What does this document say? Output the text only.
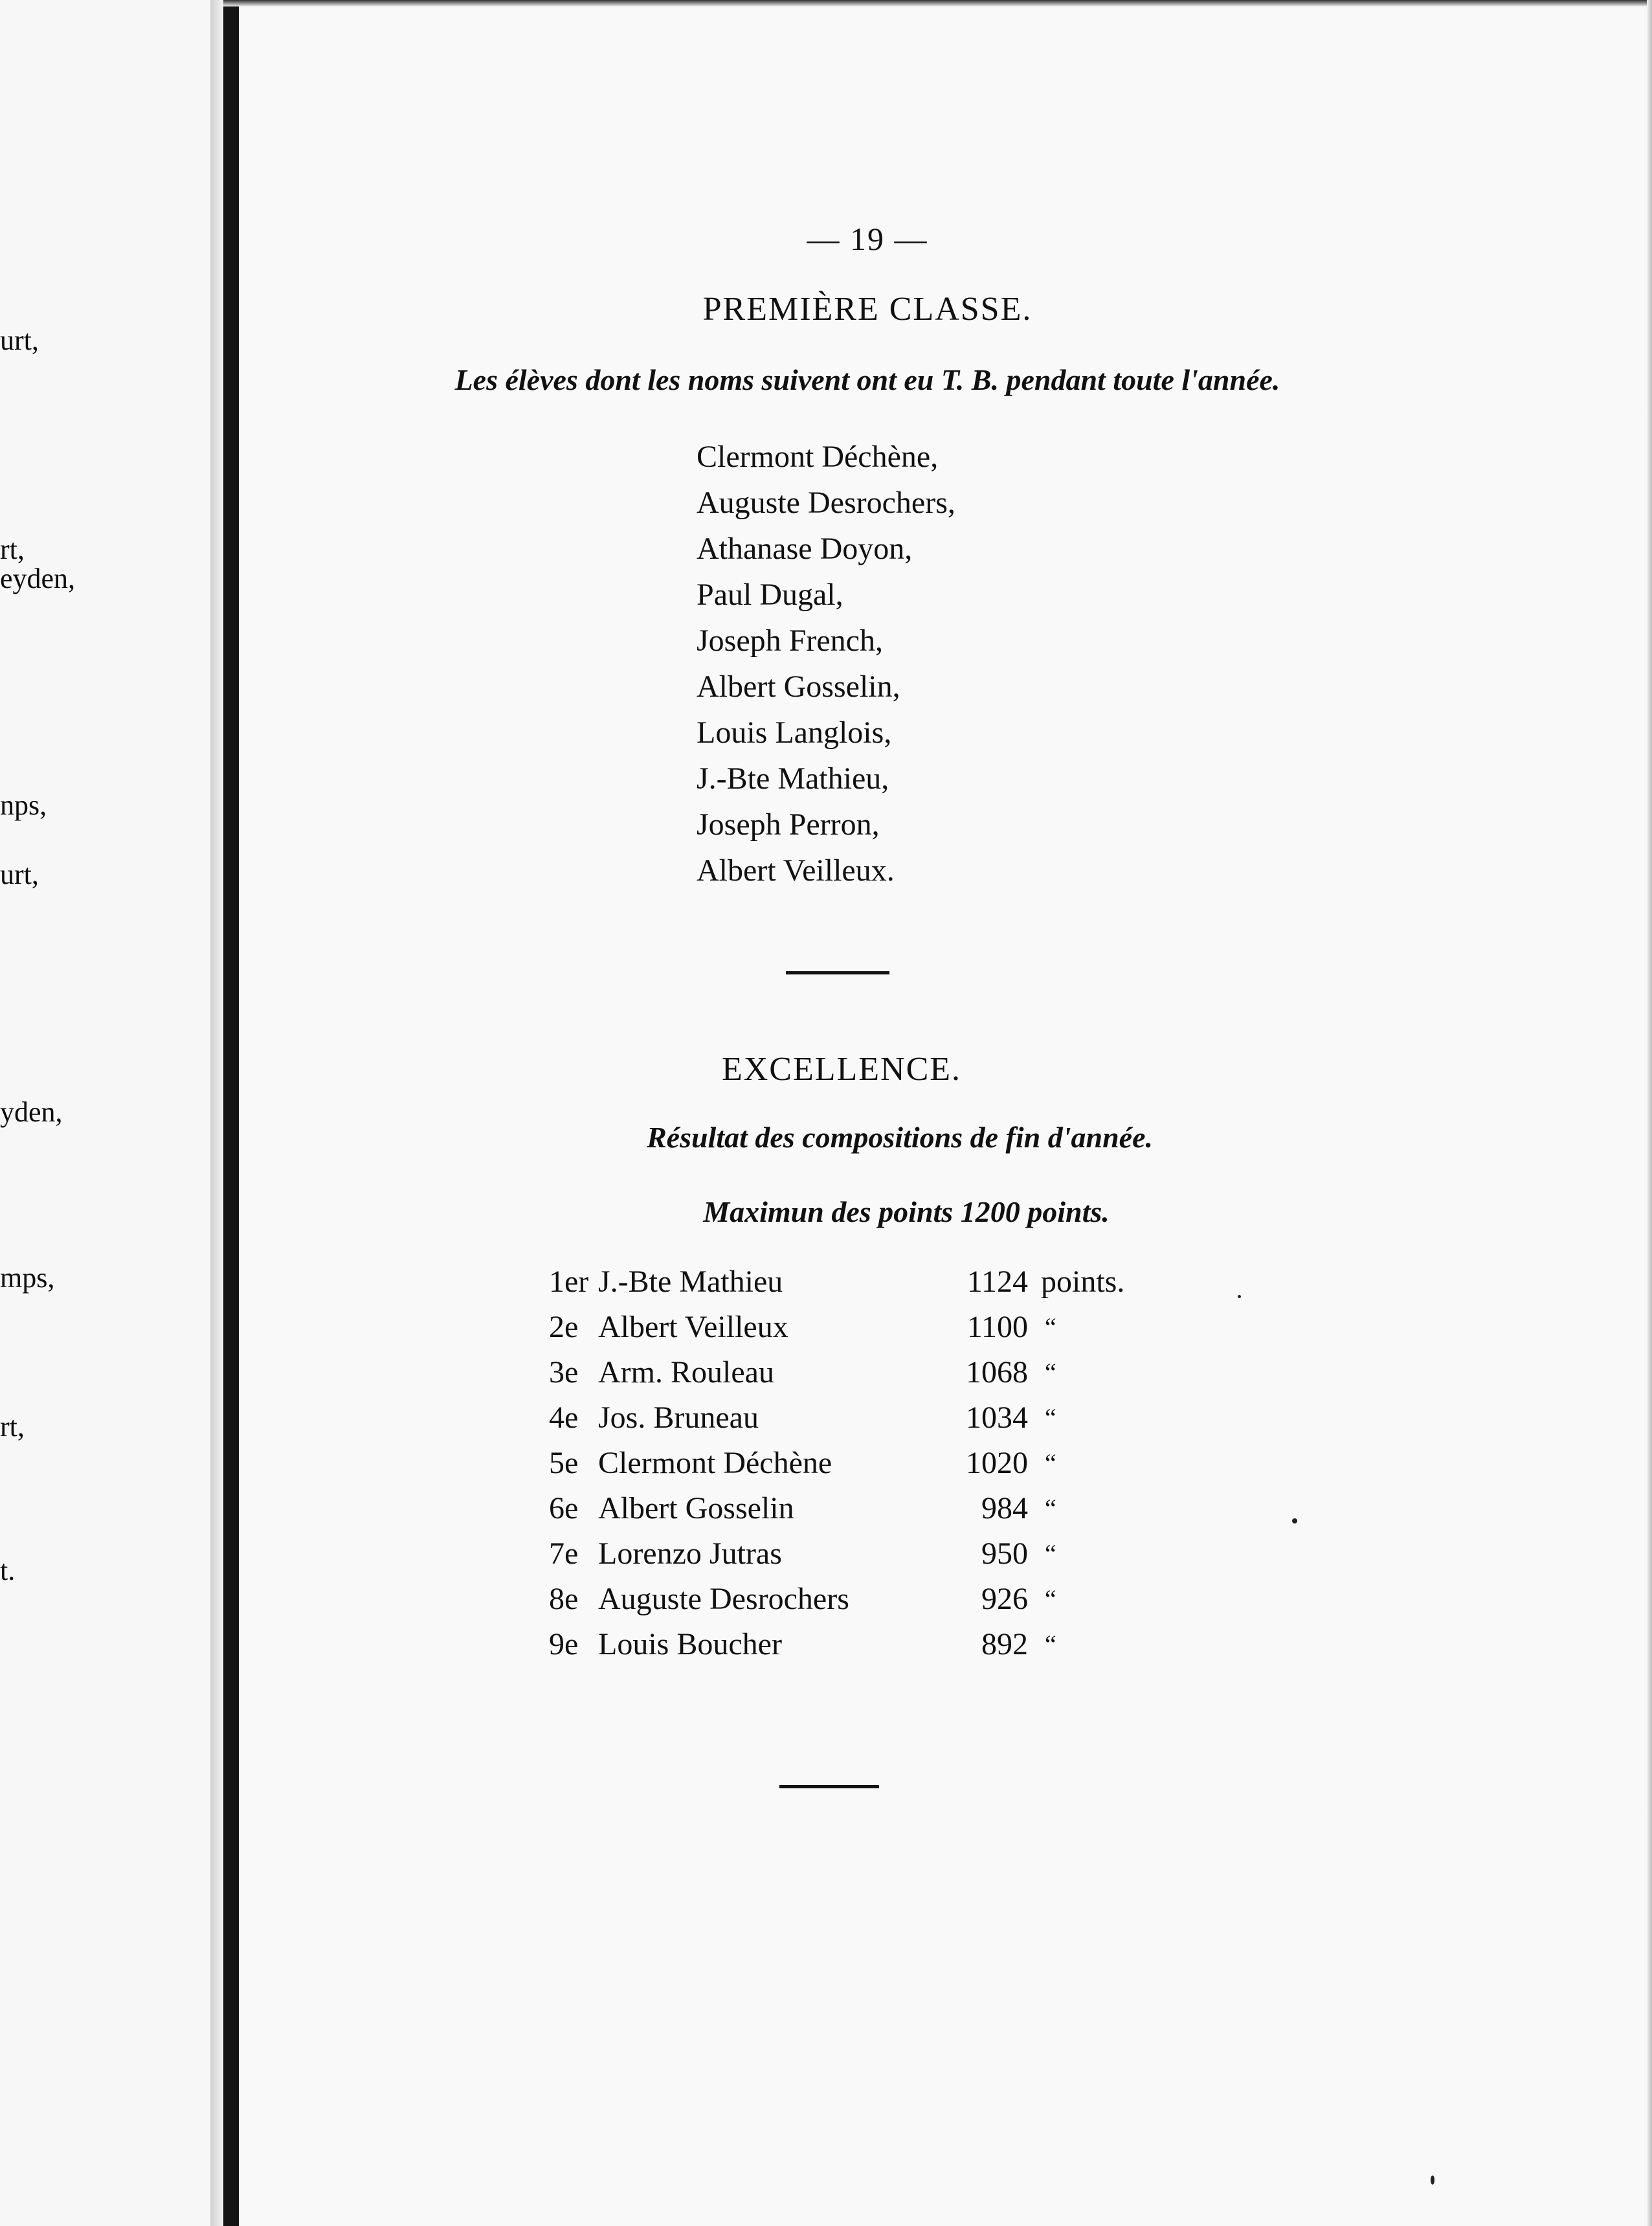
urt,
rt,
eyden,
nps,
urt,
yden,
mps,
rt,
t.
— 19 —
PREMIÈRE CLASSE.
Les élèves dont les noms suivent ont eu T. B. pendant toute l'année.
Clermont Déchène,
Auguste Desrochers,
Athanase Doyon,
Paul Dugal,
Joseph French,
Albert Gosselin,
Louis Langlois,
J.-Bte Mathieu,
Joseph Perron,
Albert Veilleux.
EXCELLENCE.
Résultat des compositions de fin d'année.
Maximun des points 1200 points.
1er J.-Bte Mathieu	1124 points.
2e Albert Veilleux	1100 “
3e Arm. Rouleau	1068 “
4e Jos. Bruneau	1034 “
5e Clermont Déchène	1020 “
6e Albert Gosselin	984 “
7e Lorenzo Jutras	950 “
8e Auguste Desrochers	926 “
9e Louis Boucher	892 “
